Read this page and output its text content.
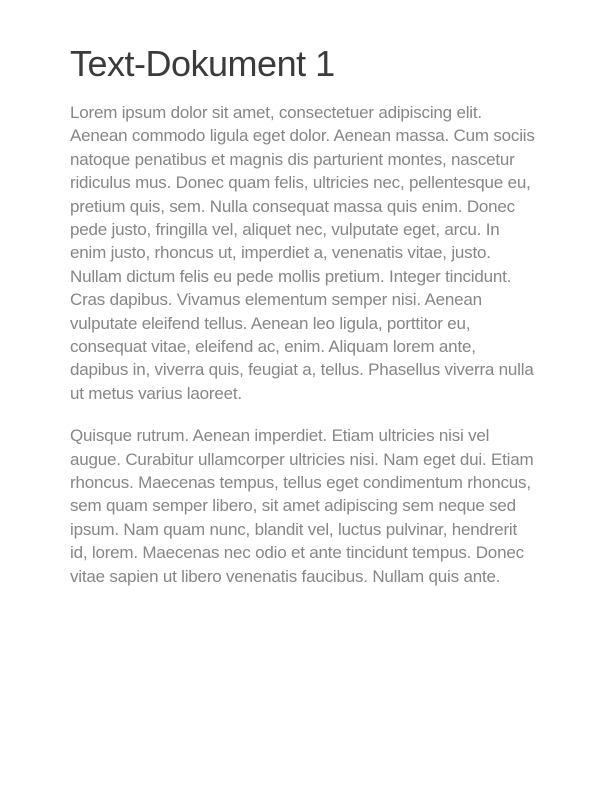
Text-Dokument 1

Lorem ipsum dolor sit amet, consectetuer adipiscing elit. Aenean commodo ligula eget dolor. Aenean massa. Cum sociis natoque penatibus et magnis dis parturient montes, nascetur ridiculus mus. Donec quam felis, ultricies nec, pellentesque eu, pretium quis, sem. Nulla consequat massa quis enim. Donec pede justo, fringilla vel, aliquet nec, vulputate eget, arcu. In enim justo, rhoncus ut, imperdiet a, venenatis vitae, justo. Nullam dictum felis eu pede mollis pretium. Integer tincidunt. Cras dapibus. Vivamus elementum semper nisi. Aenean vulputate eleifend tellus. Aenean leo ligula, porttitor eu, consequat vitae, eleifend ac, enim. Aliquam lorem ante, dapibus in, viverra quis, feugiat a, tellus. Phasellus viverra nulla ut metus varius laoreet.

Quisque rutrum. Aenean imperdiet. Etiam ultricies nisi vel augue. Curabitur ullamcorper ultricies nisi. Nam eget dui. Etiam rhoncus. Maecenas tempus, tellus eget condimentum rhoncus, sem quam semper libero, sit amet adipiscing sem neque sed ipsum. Nam quam nunc, blandit vel, luctus pulvinar, hendrerit id, lorem. Maecenas nec odio et ante tincidunt tempus. Donec vitae sapien ut libero venenatis faucibus. Nullam quis ante.
